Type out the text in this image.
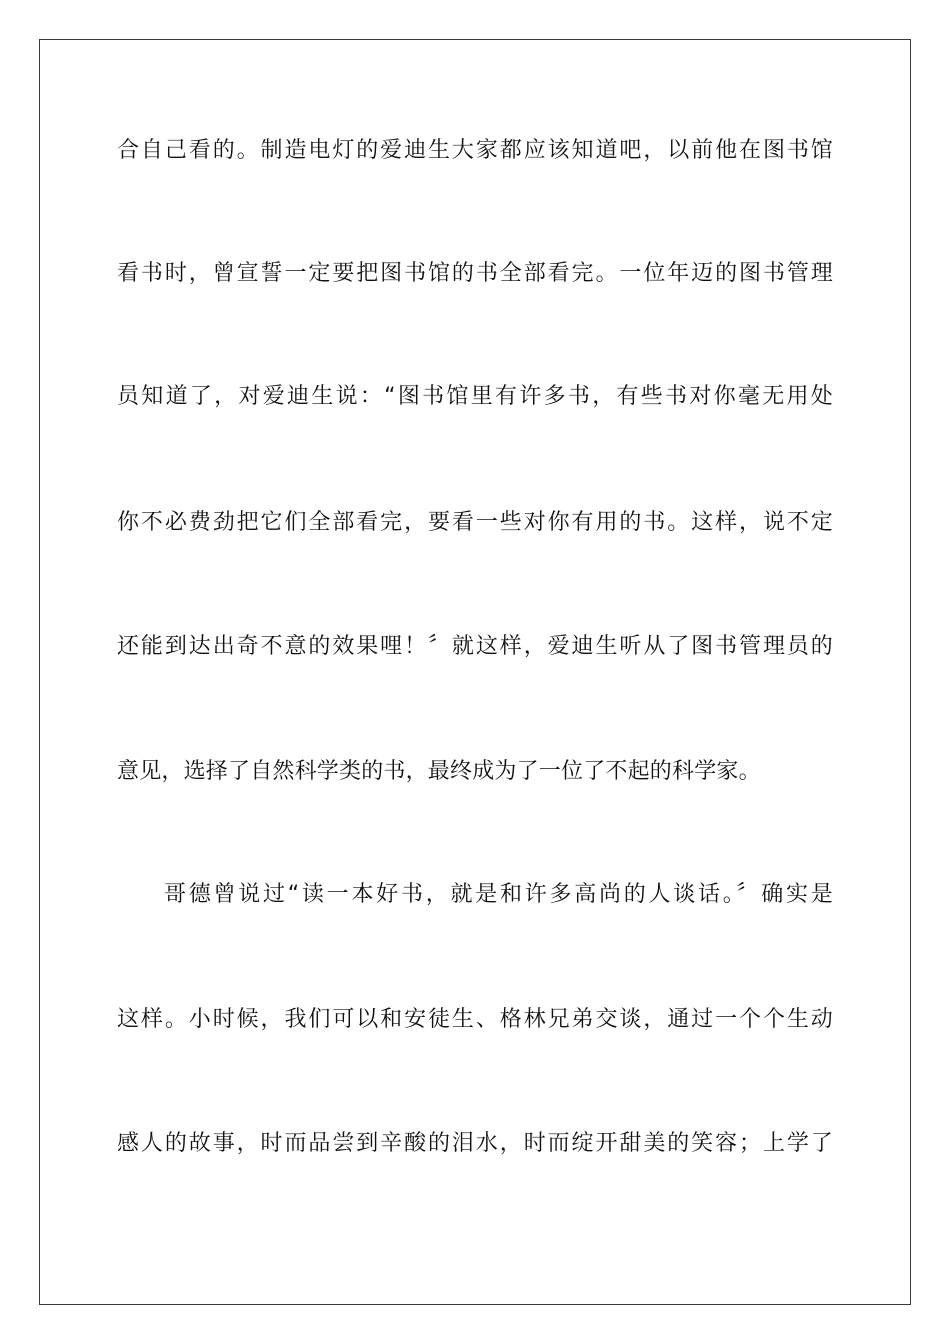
合自己看的。制造电灯的爱迪生大家都应该知道吧，以前他在图书馆
看书时，曾宣誓一定要把图书馆的书全部看完。一位年迈的图书管理
员知道了，对爱迪生说：“图书馆里有许多书，有些书对你毫无用处
你不必费劲把它们全部看完，要看一些对你有用的书。这样，说不定
还能到达出奇不意的效果哩！〞就这样，爱迪生听从了图书管理员的
意见，选择了自然科学类的书，最终成为了一位了不起的科学家。
哥德曾说过“读一本好书，就是和许多高尚的人谈话。〞确实是
这样。小时候，我们可以和安徒生、格林兄弟交谈，通过一个个生动
感人的故事，时而品尝到辛酸的泪水，时而绽开甜美的笑容；上学了
